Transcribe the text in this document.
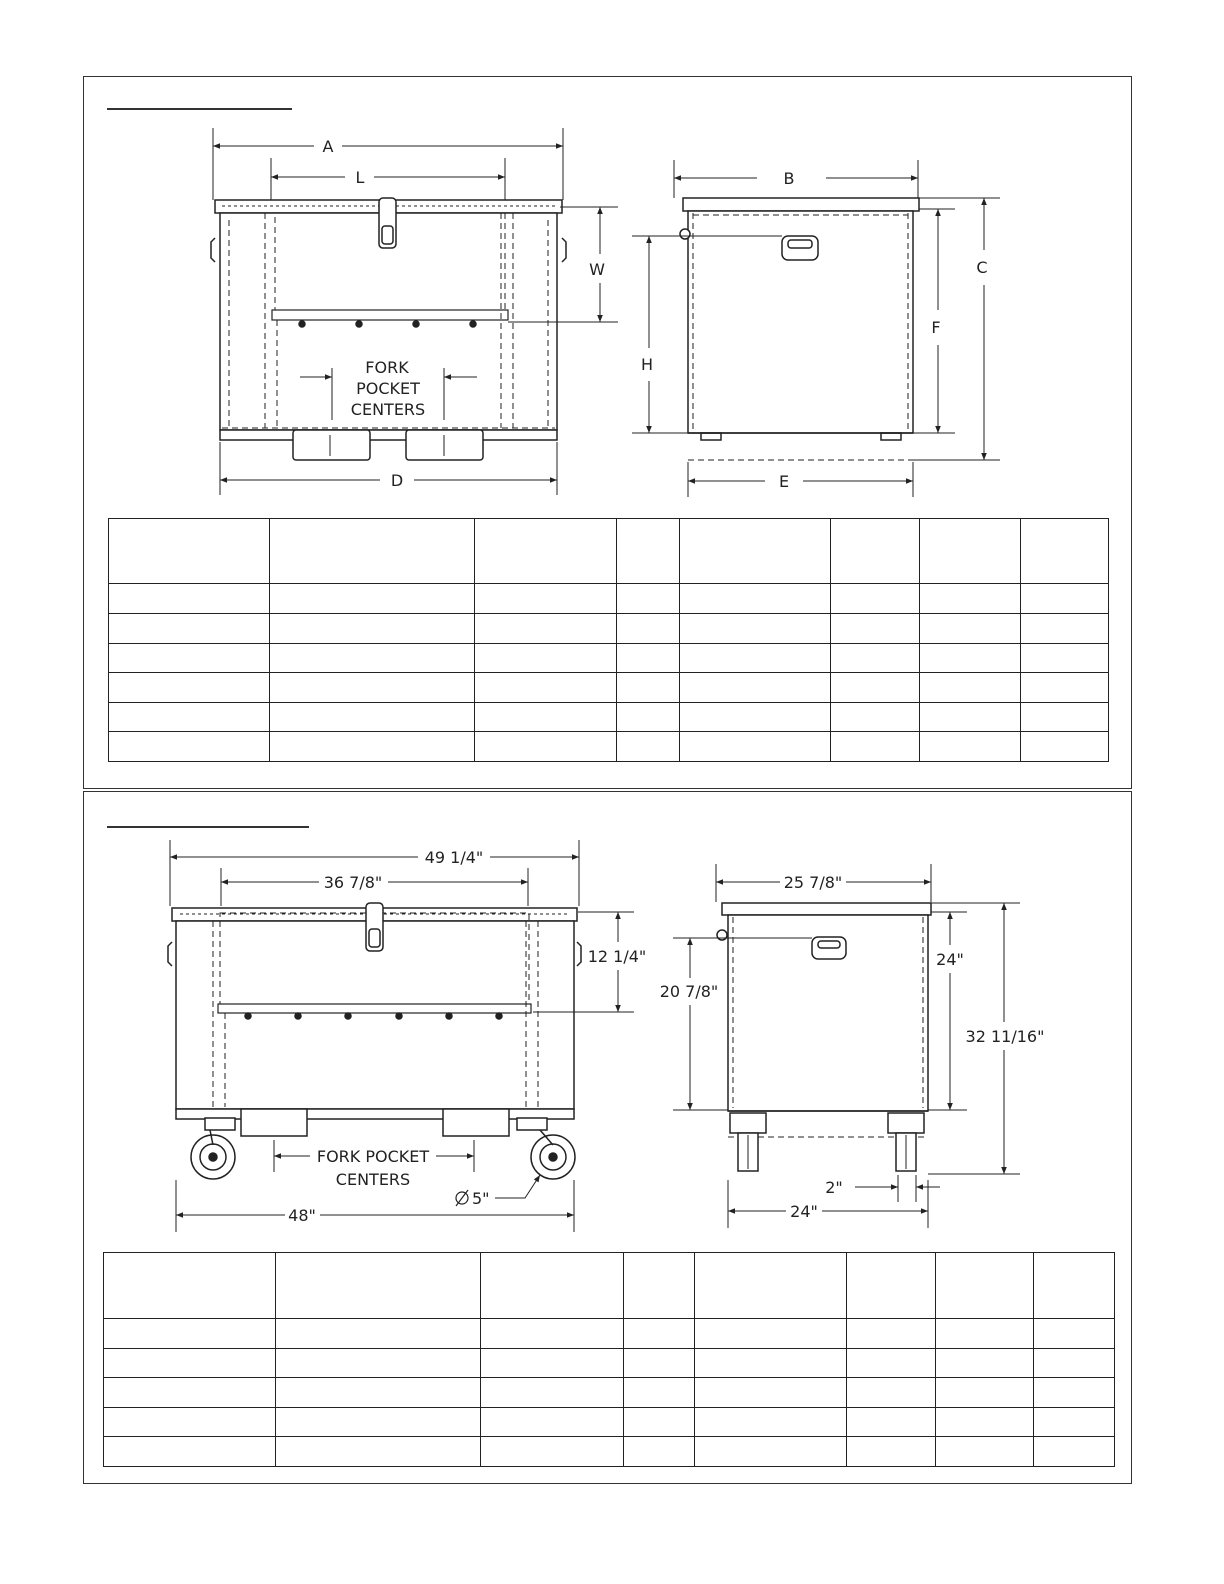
A
L
W
D
FORK
POCKET
CENTERS
B
C
F
H
E
49 1/4"
36 7/8"
12 1/4"
48"
FORK POCKET
CENTERS
5"
25 7/8"
24"
32 11/16"
20 7/8"
2"
24"
